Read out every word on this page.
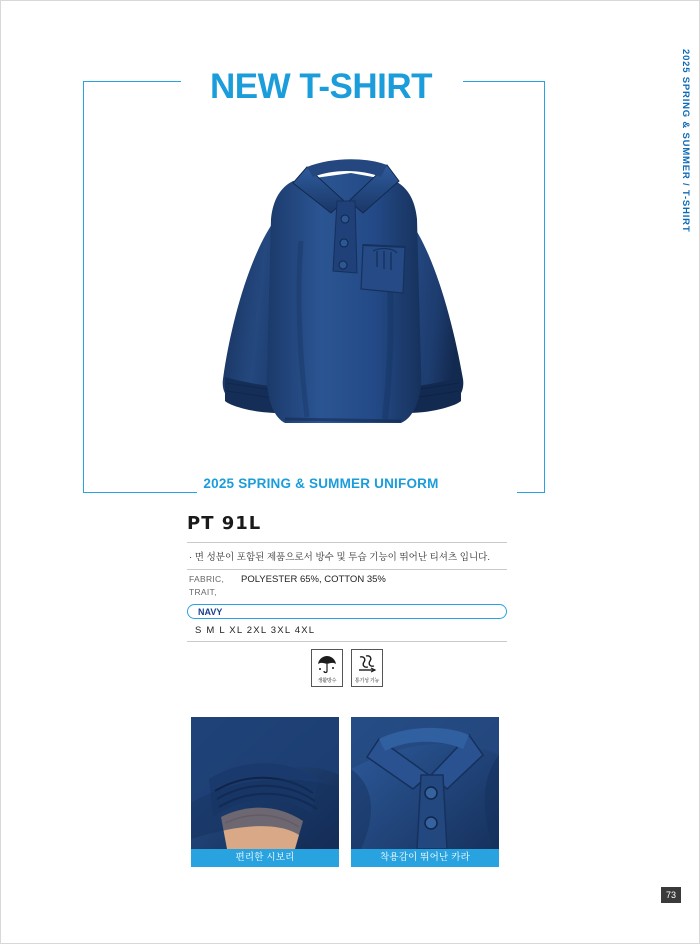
2025 SPRING & SUMMER / T-SHIRT
NEW T-SHIRT
2025 SPRING & SUMMER UNIFORM
PT 91L
· 면 성분이 포함된 제품으로서 방수 및 투습 기능이 뛰어난 티셔츠 입니다.
FABRIC,	POLYESTER 65%, COTTON 35%
TRAIT,
NAVY
S M L XL 2XL 3XL 4XL
생활방수	통기성 기능
편리한 시보리	착용감이 뛰어난 카라
73
